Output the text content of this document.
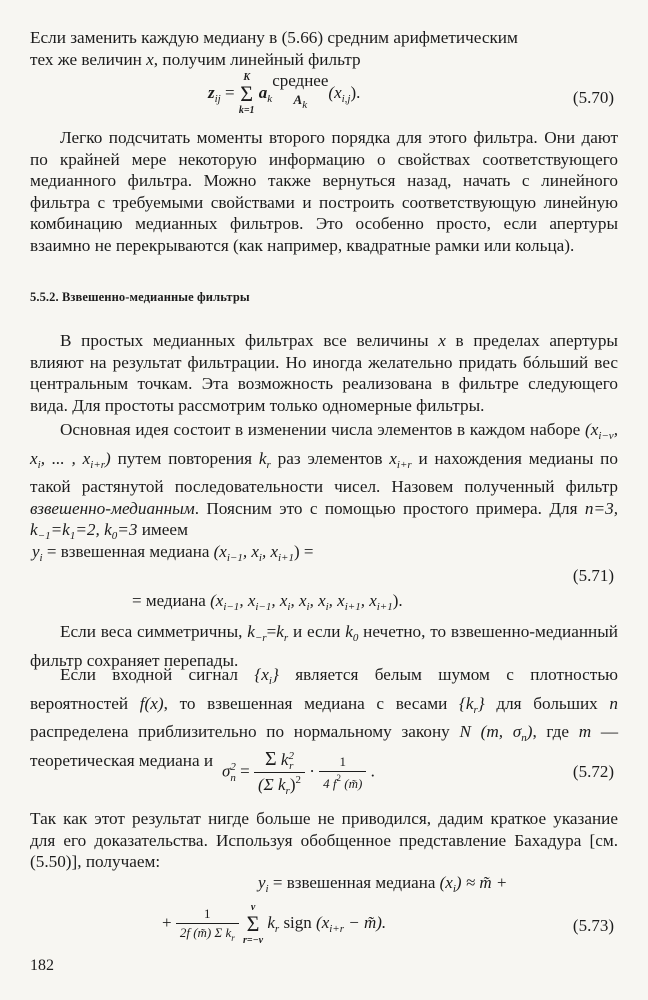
Если заменить каждую медиану в (5.66) средним арифметическим
тех же величин x, получим линейный фильтр

$z_{ij}$ =
K
Σ
k=1
$a_kсреднее$
$A_k(x_{i,j})$.	(5.70)

Легко подсчитать моменты второго порядка для этого фильтра. Они дают по крайней мере некоторую информацию о свойствах соответствующего медианного фильтра. Можно также вернуться назад, начать с линейного фильтра с требуемыми свойствами и построить соответствующую линейную комбинацию медианных фильтров. Это особенно просто, если апертуры взаимно не перекрываются (как например, квадратные рамки или кольца).

5.5.2. Взвешенно-медианные фильтры

В простых медианных фильтрах все величины x в пределах апертуры влияют на результат фильтрации. Но иногда желательно придать бóльший вес центральным точкам. Эта возможность реализована в фильтре следующего вида. Для простоты рассмотрим только одномерные фильтры.

Основная идея состоит в изменении числа элементов в каждом наборе ($x_{i-v}$, $x_i$, ... , $x_{i+r}$) путем повторения $k_r$ раз элементов $x_{i+r}$ и нахождения медианы по такой растянутой последовательности чисел. Назовем полученный фильтр взвешенно-медианным. Поясним это с помощью простого примера. Для n=3, $k_{-1}=k_1=2$, $k_0=3$ имеем

$y_i$ = взвешенная медиана ($x_{i-1}$, $x_i$, $x_{i+1}$) =
(5.71)
= медиана ($x_{i-1}$, $x_{i-1}$, $x_i$, $x_i$, $x_i$, $x_{i+1}$, $x_{i+1}$).

Если веса симметричны, $k_{-r}=k_r$ и если $k_0$ нечетно, то взвешенно-медианный фильтр сохраняет перепады.

Если входной сигнал $\{x_i\}$ является белым шумом с плотностью вероятностей f(x), то взвешенная медиана с весами $\{k_r\}$ для больших n распределена приблизительно по нормальному закону N (m, $\sigma_n$), где m — теоретическая медиана и

σ2
n =
Σ k2
r
(Σ $k_r)^2 \cdot \frac{1}{4 f^2 (m̃)}$ .	(5.72)

Так как этот результат нигде больше не приводился, дадим краткое указание для его доказательства. Используя обобщенное представление Бахадура [см. (5.50)], получаем:

$y_i$ = взвешенная медиана $(x_i)$ ≈ m̃ +
+ $\frac{1}{2f (m̃) \Sigma k_r}$
	v
Σ
r=−v
$k_r$ sign ($x_{i+r}$ − m̃).	(5.73)
182
